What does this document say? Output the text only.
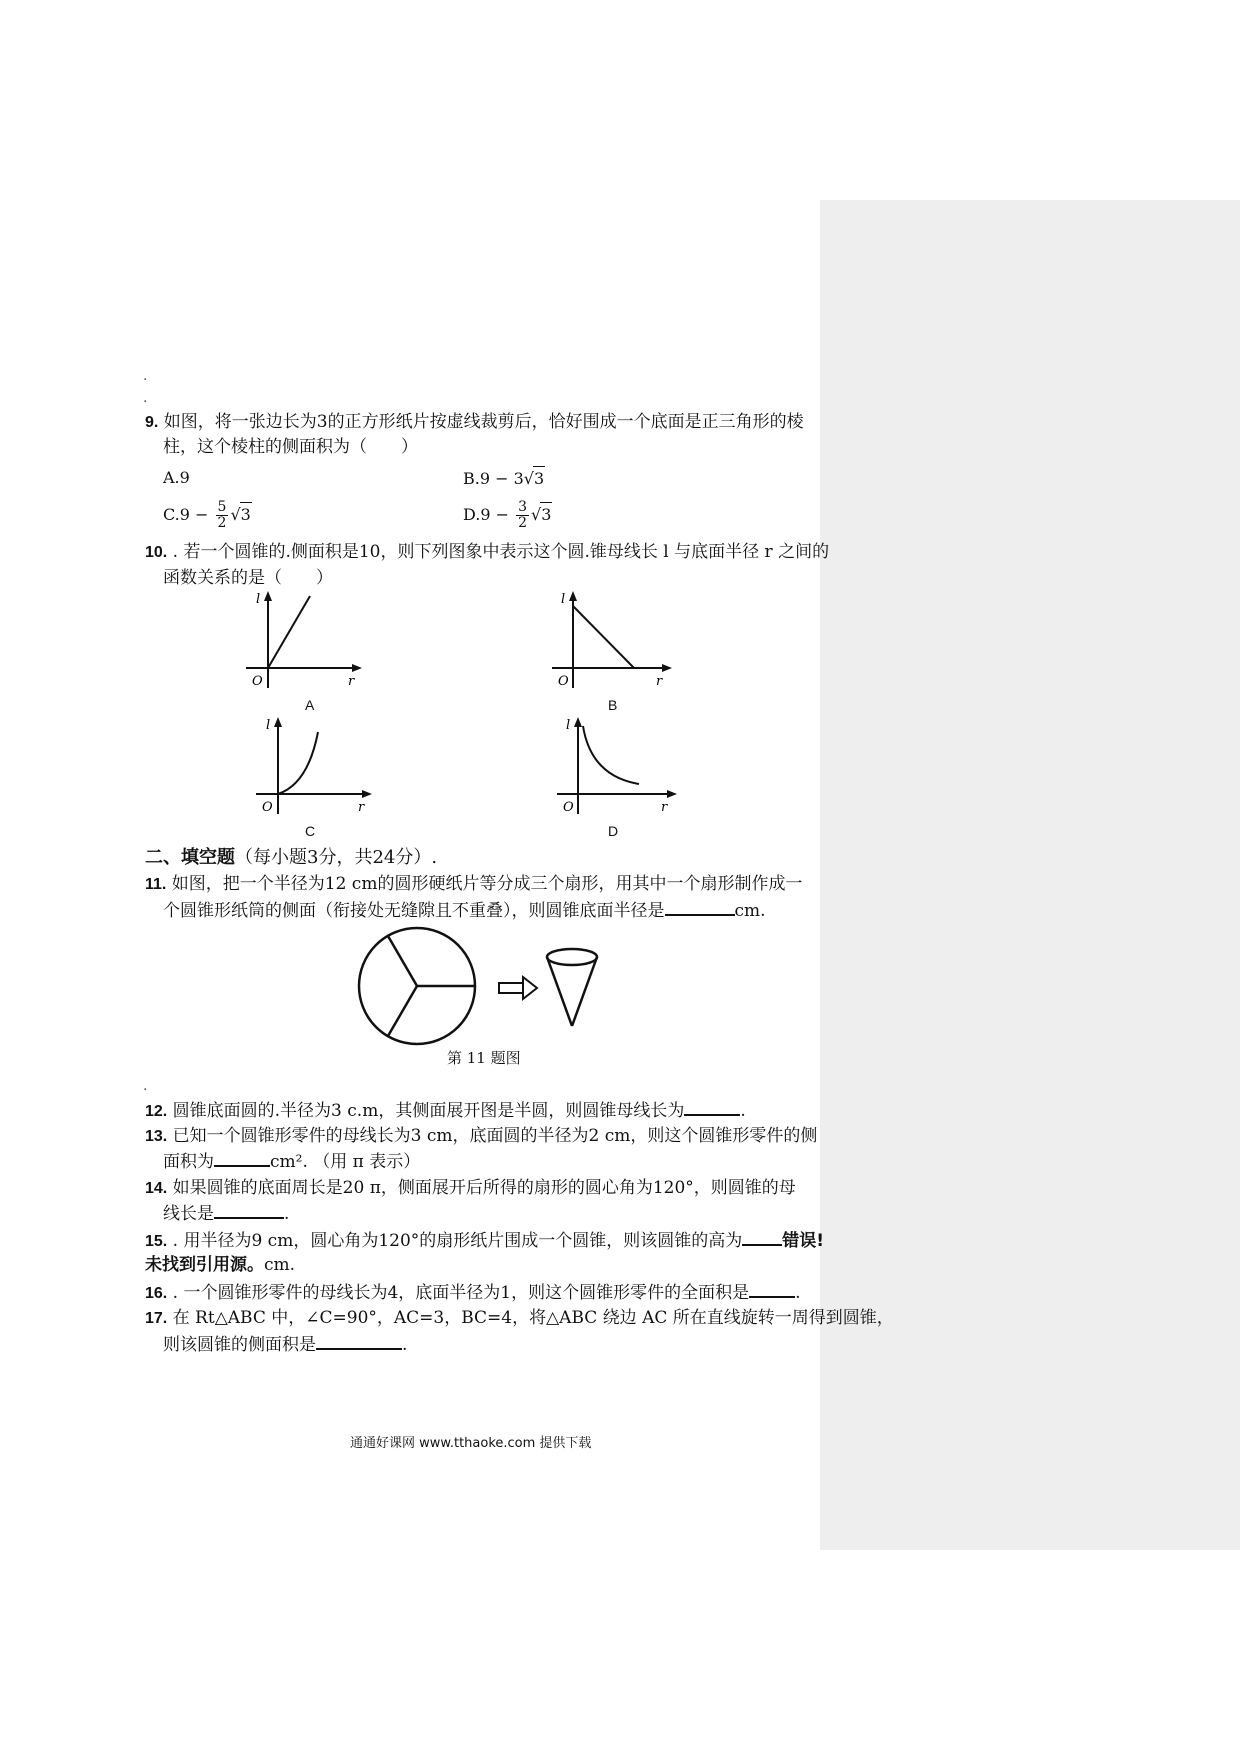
.
.
9. 如图，将一张边长为3的正方形纸片按虚线裁剪后，恰好围成一个底面是正三角形的棱
柱，这个棱柱的侧面积为（　　）
A.9	B.9 − 3√3
$C.9 - \frac{5}{2} √3$	$D.9 - \frac{3}{2} √3$
10. . 若一个圆锥的.侧面积是10，则下列图象中表示这个圆.锥母线长 l 与底面半径 r 之间的
函数关系的是（　　）
O
l
r
A
O
l
r
B
O
l
r
C
O
l
r
D
二、填空题（每小题3分，共24分）.
11. 如图，把一个半径为12 cm的圆形硬纸片等分成三个扇形，用其中一个扇形制作成一
个圆锥形纸筒的侧面（衔接处无缝隙且不重叠），则圆锥底面半径是	cm.
第 11 题图
.
12. 圆锥底面圆的.半径为3 c.m，其侧面展开图是半圆，则圆锥母线长为	.
13. 已知一个圆锥形零件的母线长为3 cm，底面圆的半径为2 cm，则这个圆锥形零件的侧
面积为	cm². （用 π 表示）
14. 如果圆锥的底面周长是20 π，侧面展开后所得的扇形的圆心角为120°，则圆锥的母
线长是	.
15. . 用半径为9 cm，圆心角为120°的扇形纸片围成一个圆锥，则该圆锥的高为 错误!
未找到引用源。cm.
16. . 一个圆锥形零件的母线长为4，底面半径为1，则这个圆锥形零件的全面积是	.
17. 在 Rt△ABC 中，∠C=90°，AC=3，BC=4，将△ABC 绕边 AC 所在直线旋转一周得到圆锥，
则该圆锥的侧面积是	.
通通好课网 www.tthaoke.com 提供下载
